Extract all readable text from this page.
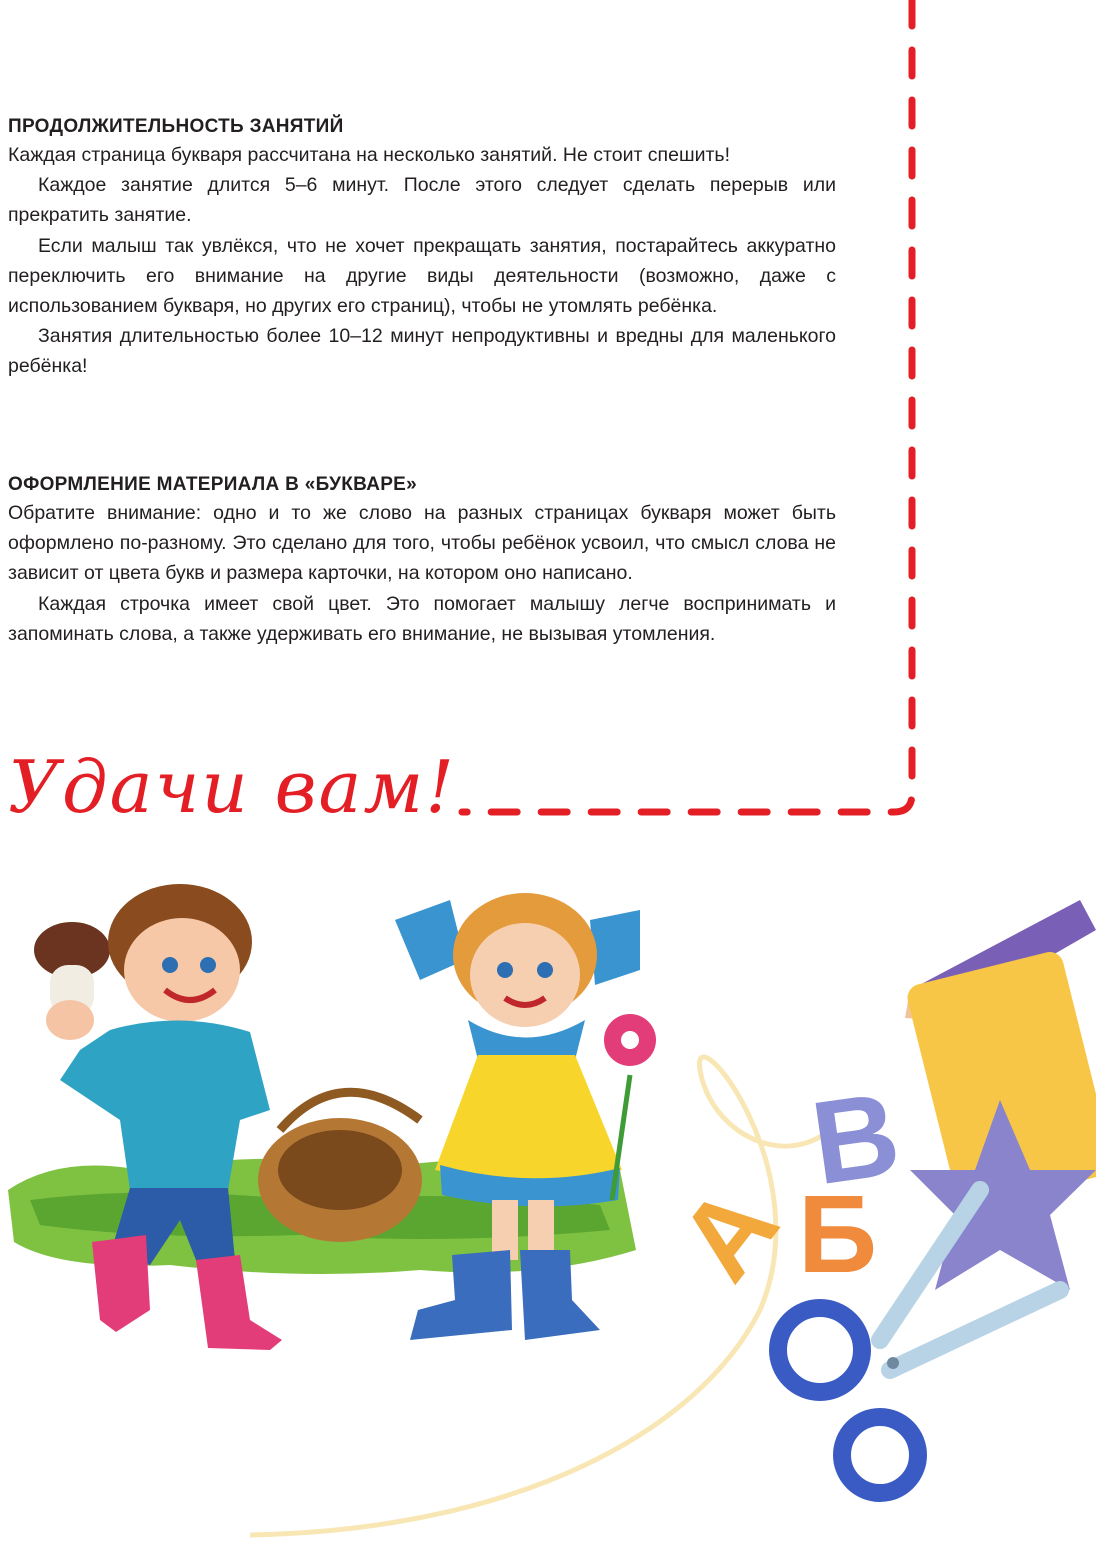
ПРОДОЛЖИТЕЛЬНОСТЬ ЗАНЯТИЙ

Каждая страница букваря рассчитана на несколько занятий. Не стоит спешить!

Каждое занятие длится 5–6 минут. После этого следует сделать перерыв или прекратить занятие.

Если малыш так увлёкся, что не хочет прекращать занятия, постарайтесь аккуратно переключить его внимание на другие виды деятельности (возможно, даже с использованием букваря, но других его страниц), чтобы не утомлять ребёнка.

Занятия длительностью более 10–12 минут непродуктивны и вредны для маленького ребёнка!

ОФОРМЛЕНИЕ МАТЕРИАЛА В «БУКВАРЕ»

Обратите внимание: одно и то же слово на разных страницах букваря может быть оформлено по-разному. Это сделано для того, чтобы ребёнок усвоил, что смысл слова не зависит от цвета букв и размера карточки, на котором оно написано.

Каждая строчка имеет свой цвет. Это помогает малышу легче воспринимать и запоминать слова, а также удерживать его внимание, не вызывая утомления.

Удачи вам!
А
Б
В
